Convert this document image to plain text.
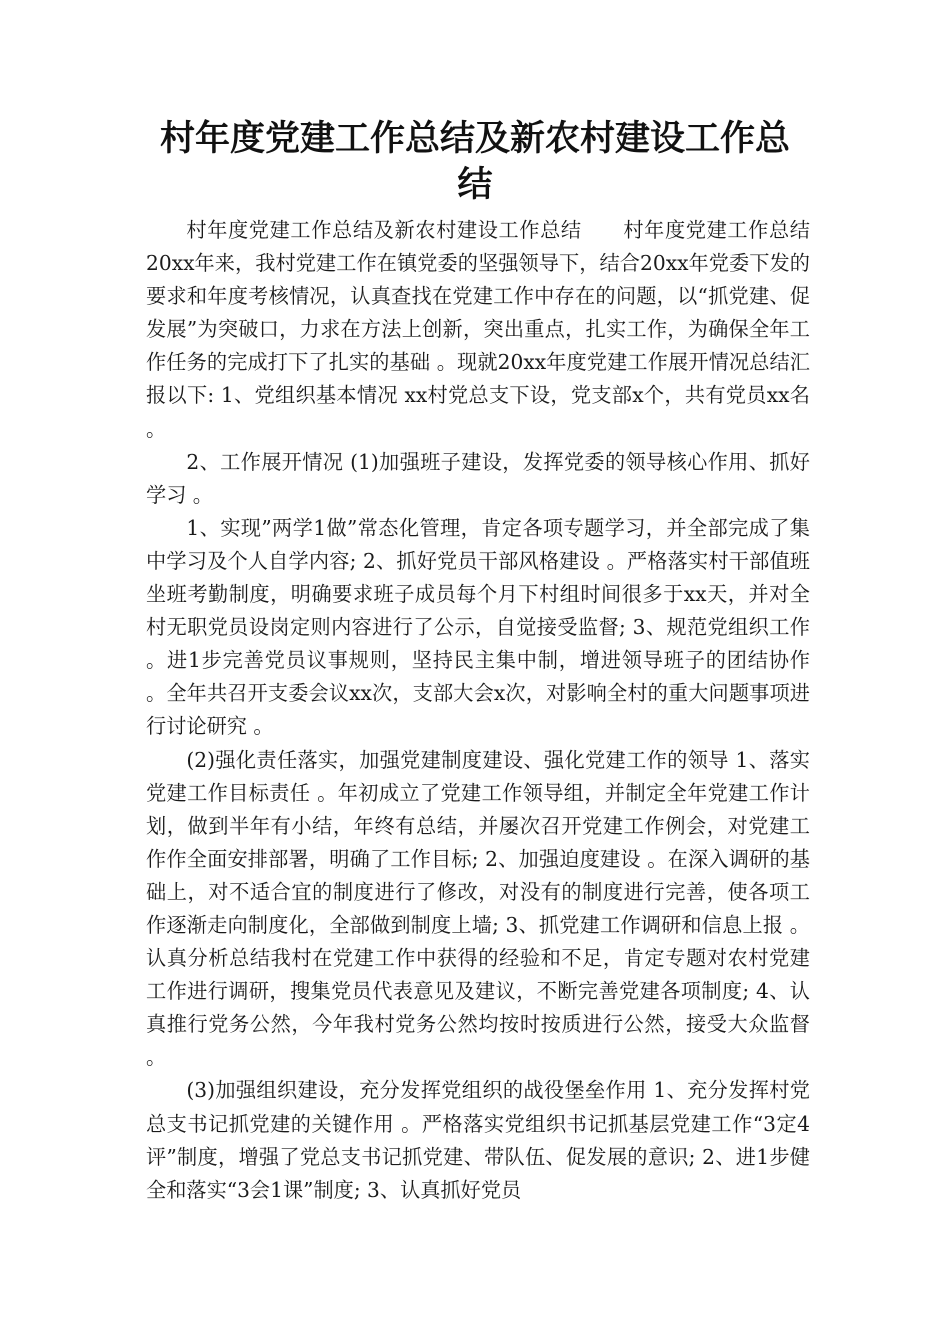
村年度党建工作总结及新农村建设工作总结

村年度党建工作总结及新农村建设工作总结　　村年度党建工作总结 20xx年来，我村党建工作在镇党委的坚强领导下，结合20xx年党委下发的要求和年度考核情况，认真查找在党建工作中存在的问题，以“抓党建、促发展”为突破口，力求在方法上创新，突出重点，扎实工作，为确保全年工作任务的完成打下了扎实的基础 。现就20xx年度党建工作展开情况总结汇报以下: 1、党组织基本情况 xx村党总支下设，党支部x个，共有党员xx名 。

2、工作展开情况 (1)加强班子建设，发挥党委的领导核心作用、抓好学习 。

1、实现”两学1做”常态化管理，肯定各项专题学习，并全部完成了集中学习及个人自学内容; 2、抓好党员干部风格建设 。严格落实村干部值班坐班考勤制度，明确要求班子成员每个月下村组时间很多于xx天，并对全村无职党员设岗定则内容进行了公示，自觉接受监督; 3、规范党组织工作 。进1步完善党员议事规则，坚持民主集中制，增进领导班子的团结协作 。全年共召开支委会议xx次，支部大会x次，对影响全村的重大问题事项进行讨论研究 。

(2)强化责任落实，加强党建制度建设、强化党建工作的领导 1、落实党建工作目标责任 。年初成立了党建工作领导组，并制定全年党建工作计划，做到半年有小结，年终有总结，并屡次召开党建工作例会，对党建工作作全面安排部署，明确了工作目标; 2、加强迫度建设 。在深入调研的基础上，对不适合宜的制度进行了修改，对没有的制度进行完善，使各项工作逐渐走向制度化，全部做到制度上墙; 3、抓党建工作调研和信息上报 。认真分析总结我村在党建工作中获得的经验和不足，肯定专题对农村党建工作进行调研，搜集党员代表意见及建议，不断完善党建各项制度; 4、认真推行党务公然，今年我村党务公然均按时按质进行公然，接受大众监督 。

(3)加强组织建设，充分发挥党组织的战役堡垒作用 1、充分发挥村党总支书记抓党建的关键作用 。严格落实党组织书记抓基层党建工作“3定4评”制度，增强了党总支书记抓党建、带队伍、促发展的意识; 2、进1步健全和落实“3会1课”制度; 3、认真抓好党员
